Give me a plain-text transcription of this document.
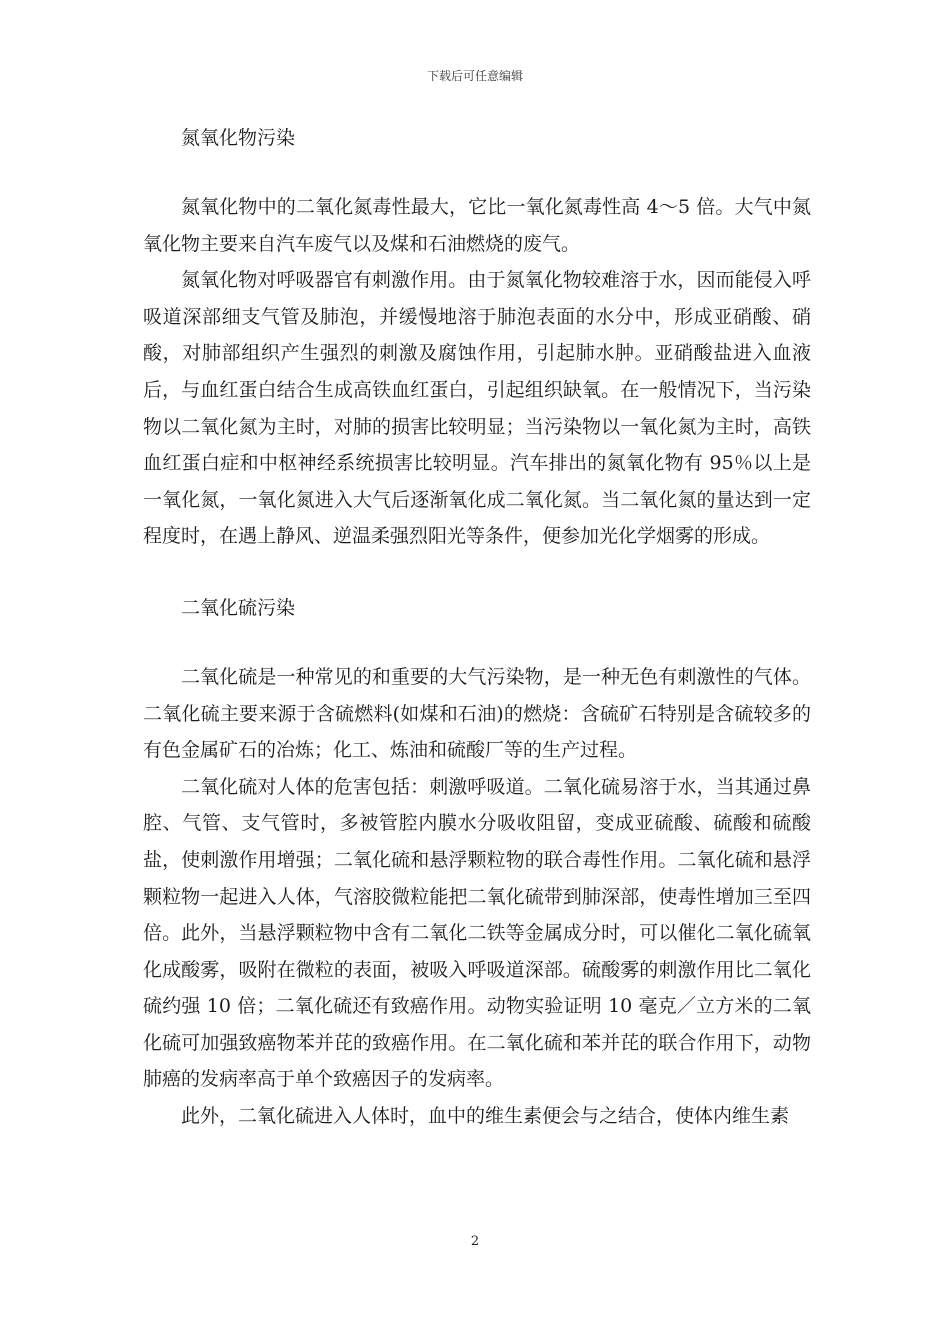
下载后可任意编辑
氮氧化物污染

氮氧化物中的二氧化氮毒性最大，它比一氧化氮毒性高 4～5 倍。大气中氮氧化物主要来自汽车废气以及煤和石油燃烧的废气。

氮氧化物对呼吸器官有刺激作用。由于氮氧化物较难溶于水，因而能侵入呼吸道深部细支气管及肺泡，并缓慢地溶于肺泡表面的水分中，形成亚硝酸、硝酸，对肺部组织产生强烈的刺激及腐蚀作用，引起肺水肿。亚硝酸盐进入血液后，与血红蛋白结合生成高铁血红蛋白，引起组织缺氧。在一般情况下，当污染物以二氧化氮为主时，对肺的损害比较明显；当污染物以一氧化氮为主时，高铁血红蛋白症和中枢神经系统损害比较明显。汽车排出的氮氧化物有 95％以上是一氧化氮，一氧化氮进入大气后逐渐氧化成二氧化氮。当二氧化氮的量达到一定程度时，在遇上静风、逆温柔强烈阳光等条件，便参加光化学烟雾的形成。

二氧化硫污染

二氧化硫是一种常见的和重要的大气污染物，是一种无色有刺激性的气体。二氧化硫主要来源于含硫燃料(如煤和石油)的燃烧：含硫矿石特别是含硫较多的有色金属矿石的冶炼；化工、炼油和硫酸厂等的生产过程。

二氧化硫对人体的危害包括：刺激呼吸道。二氧化硫易溶于水，当其通过鼻腔、气管、支气管时，多被管腔内膜水分吸收阻留，变成亚硫酸、硫酸和硫酸盐，使刺激作用增强；二氧化硫和悬浮颗粒物的联合毒性作用。二氧化硫和悬浮颗粒物一起进入人体，气溶胶微粒能把二氧化硫带到肺深部，使毒性增加三至四倍。此外，当悬浮颗粒物中含有二氧化二铁等金属成分时，可以催化二氧化硫氧化成酸雾，吸附在微粒的表面，被吸入呼吸道深部。硫酸雾的刺激作用比二氧化硫约强 10 倍；二氧化硫还有致癌作用。动物实验证明 10 毫克／立方米的二氧化硫可加强致癌物苯并芘的致癌作用。在二氧化硫和苯并芘的联合作用下，动物肺癌的发病率高于单个致癌因子的发病率。

此外，二氧化硫进入人体时，血中的维生素便会与之结合，使体内维生素

2
